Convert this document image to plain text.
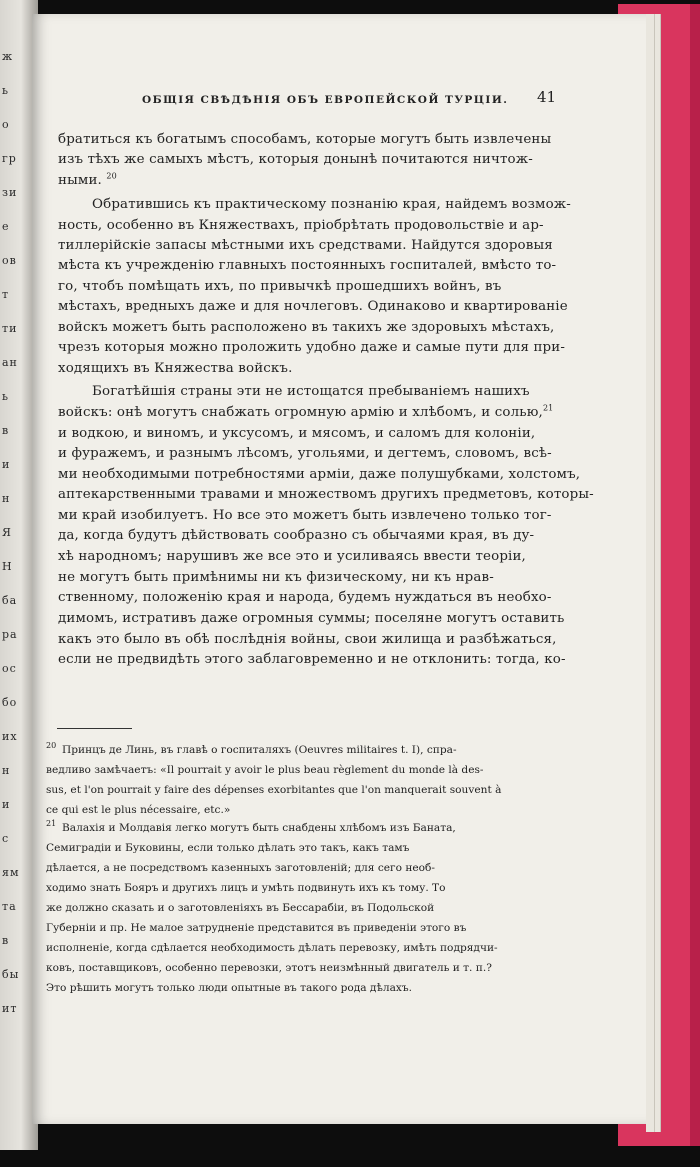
ж
ь
о
гр
зи
е
ов
т
ти
ан
ь
в
и
н
Я
Н
ба
ра
ос
бо
их
н
и
с
ям
та
в
бы
ит
ОБЩІЯ СВѢДѢНІЯ ОБЪ ЕВРОПЕЙСКОЙ ТУРЦІИ. 41
братиться къ богатымъ способамъ, которые могутъ быть извлечены
изъ тѣхъ же самыхъ мѣстъ, которыя донынѣ почитаются ничтож-
ными. $^{20}$
Обратившись къ практическому познанію края, найдемъ возмож-
ность, особенно въ Княжествахъ, пріобрѣтать продовольствіе и ар-
тиллерійскіе запасы мѣстными ихъ средствами. Найдутся здоровыя
мѣста къ учрежденію главныхъ постоянныхъ госпиталей, вмѣсто то-
го, чтобъ помѣщать ихъ, по привычкѣ прошедшихъ войнъ, въ
мѣстахъ, вредныхъ даже и для ночлеговъ. Одинаково и квартированіе
войскъ можетъ быть расположено въ такихъ же здоровыхъ мѣстахъ,
чрезъ которыя можно проложить удобно даже и самые пути для при-
ходящихъ въ Княжества войскъ.
Богатѣйшія страны эти не истощатся пребываніемъ нашихъ
войскъ: онѣ могутъ снабжать огромную армію и хлѣбомъ, и солью,$^{21}$
и водкою, и виномъ, и уксусомъ, и мясомъ, и саломъ для колоніи,
и фуражемъ, и разнымъ лѣсомъ, угольями, и дегтемъ, словомъ, всѣ-
ми необходимыми потребностями арміи, даже полушубками, холстомъ,
аптекарственными травами и множествомъ другихъ предметовъ, которы-
ми край изобилуетъ. Но все это можетъ быть извлечено только тог-
да, когда будутъ дѣйствовать сообразно съ обычаями края, въ ду-
хѣ народномъ; нарушивъ же все это и усиливаясь ввести теоріи,
не могутъ быть примѣнимы ни къ физическому, ни къ нрав-
ственному, положенію края и народа, будемъ нуждаться въ необхо-
димомъ, истративъ даже огромныя суммы; поселяне могутъ оставить
какъ это было въ обѣ послѣднія войны, свои жилища и разбѣжаться,
если не предвидѣть этого заблаговременно и не отклонить: тогда, ко-
Принцъ де Линь, въ главѣ о госпиталяхъ (Oeuvres militaires t. I), спра-
ведливо замѣчаетъ: «Il pourrait y avoir le plus beau règlement du monde là des-
sus, et l'on pourrait y faire des dépenses exorbitantes que l'on manquerait souvent à
ce qui est le plus nécessaire, etc.»
20
Валахія и Молдавія легко могутъ быть снабдены хлѣбомъ изъ Баната,
Семиградіи и Буковины, если только дѣлать это такъ, какъ тамъ
дѣлается, а не посредствомъ казенныхъ заготовленій; для сего необ-
ходимо знать Бояръ и другихъ лицъ и умѣть подвинуть ихъ къ тому. То
же должно сказать и о заготовленіяхъ въ Бессарабіи, въ Подольской
Губерніи и пр. Не малое затрудненіе представится въ приведеніи этого въ
исполненіе, когда сдѣлается необходимость дѣлать перевозку, имѣть подрядчи-
ковъ, поставщиковъ, особенно перевозки, этотъ неизмѣнный двигатель и т. п.?
Это рѣшить могутъ только люди опытные въ такого рода дѣлахъ.
21
